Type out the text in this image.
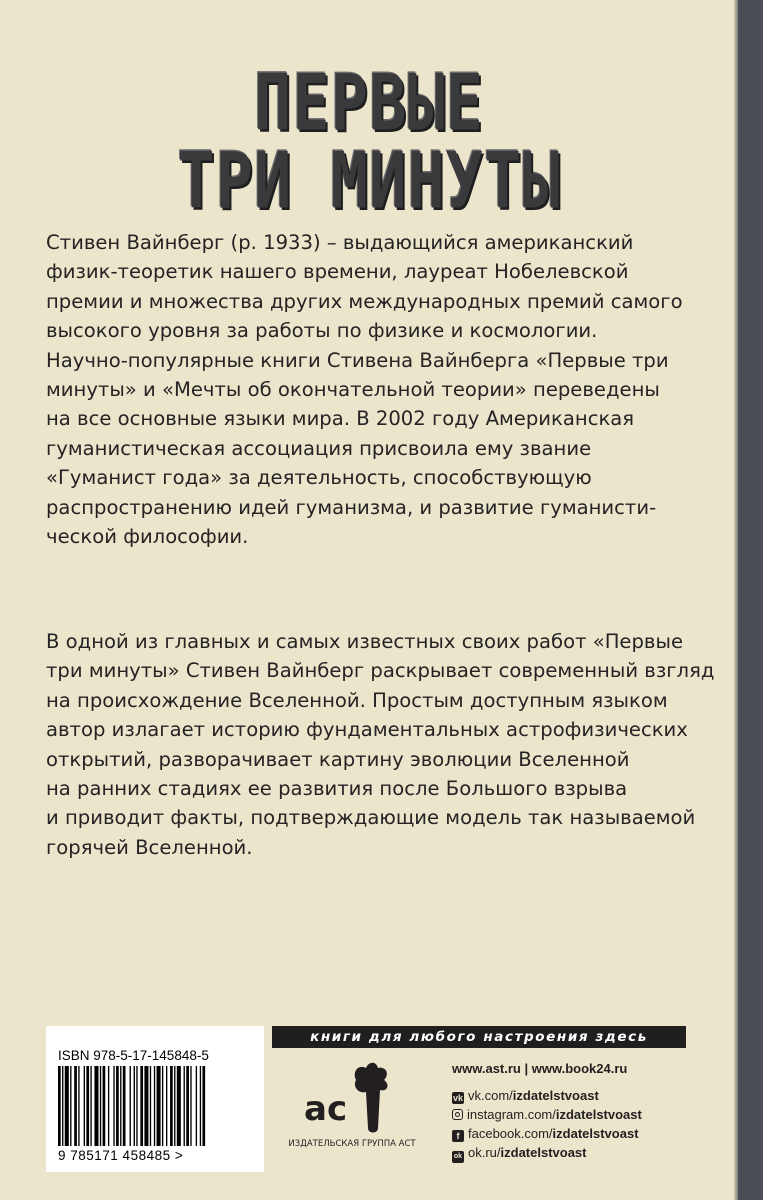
ПЕРВЫЕ
ТРИ МИНУТЫ

Стивен Вайнберг (р. 1933) – выдающийся американский
физик-теоретик нашего времени, лауреат Нобелевской
премии и множества других международных премий самого
высокого уровня за работы по физике и космологии.
Научно-популярные книги Стивена Вайнберга «Первые три
минуты» и «Мечты об окончательной теории» переведены
на все основные языки мира. В 2002 году Американская
гуманистическая ассоциация присвоила ему звание
«Гуманист года» за деятельность, способствующую
распространению идей гуманизма, и развитие гуманисти-
ческой философии.

В одной из главных и самых известных своих работ «Первые
три минуты» Стивен Вайнберг раскрывает современный взгляд
на происхождение Вселенной. Простым доступным языком
автор излагает историю фундаментальных астрофизических
открытий, разворачивает картину эволюции Вселенной
на ранних стадиях ее развития после Большого взрыва
и приводит факты, подтверждающие модель так называемой
горячей Вселенной.

книги для любого настроения здесь
ISBN 978-5-17-145848-5
9 785171 458485 >
ас
ИЗДАТЕЛЬСКАЯ ГРУППА АСТ
www.ast.ru | www.book24.ru
vk vk.com/izdatelstvoast
instagram.com/izdatelstvoast
f facebook.com/izdatelstvoast
ok ok.ru/izdatelstvoast
